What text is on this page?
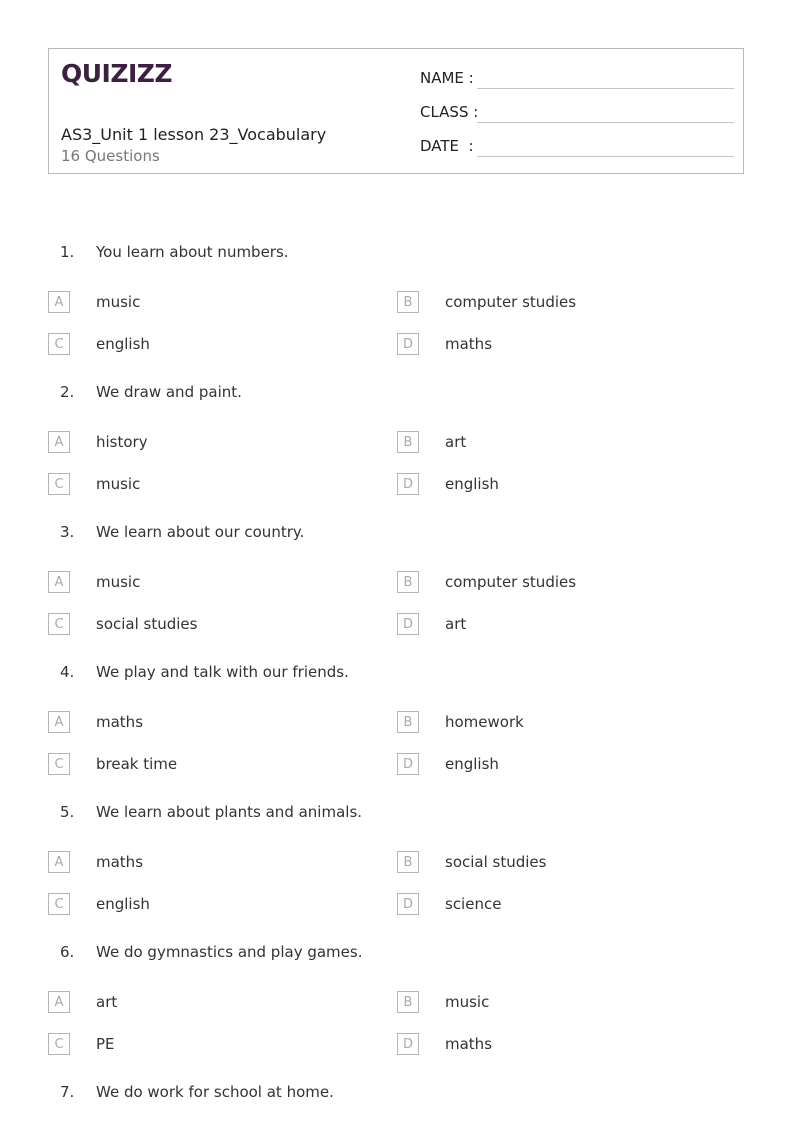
QUIZIZZ
AS3_Unit 1 lesson 23_Vocabulary
16 Questions
NAME :
CLASS :
DATE  :
1. You learn about numbers.
A	music	B	computer studies
C	english	D	maths
2. We draw and paint.
A	history	B	art
C	music	D	english
3. We learn about our country.
A	music	B	computer studies
C	social studies	D	art
4. We play and talk with our friends.
A	maths	B	homework
C	break time	D	english
5. We learn about plants and animals.
A	maths	B	social studies
C	english	D	science
6. We do gymnastics and play games.
A	art	B	music
C	PE	D	maths
7. We do work for school at home.
